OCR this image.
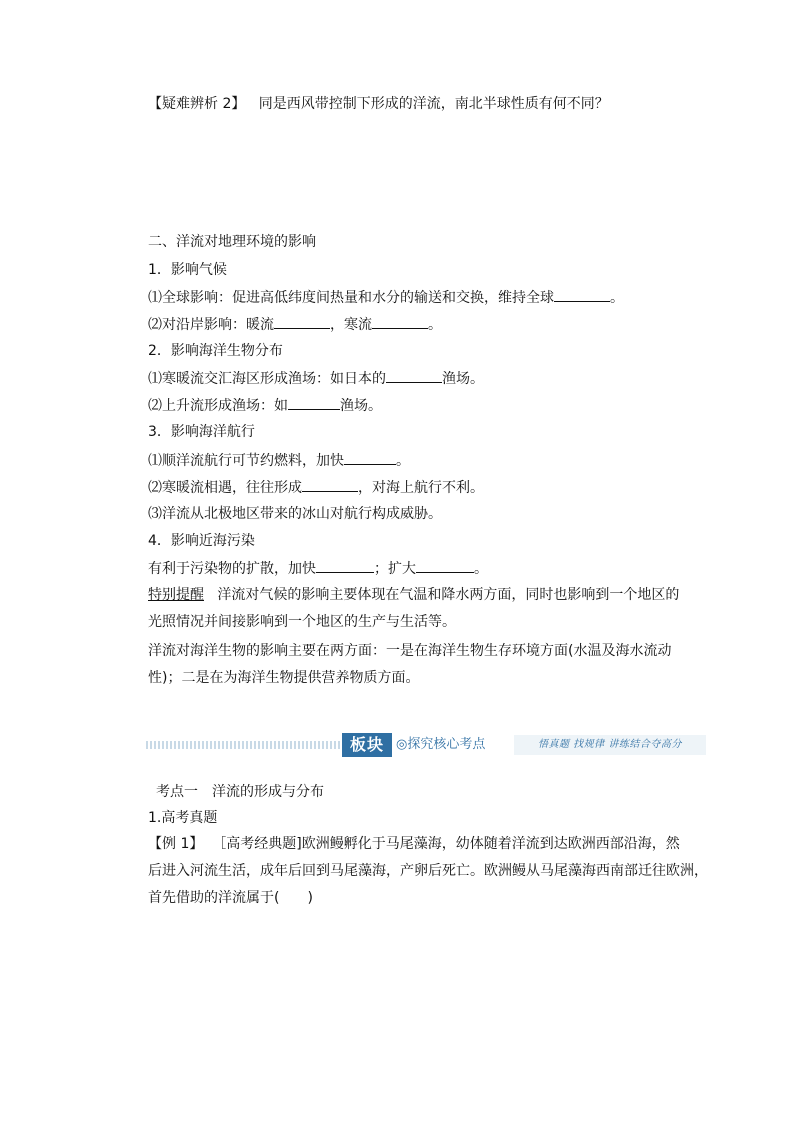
【疑难辨析 2】 同是西风带控制下形成的洋流，南北半球性质有何不同？
二、洋流对地理环境的影响
1．影响气候
⑴全球影响：促进高低纬度间热量和水分的输送和交换，维持全球	。
⑵对沿岸影响：暖流	，寒流	。
2．影响海洋生物分布
⑴寒暖流交汇海区形成渔场：如日本的	渔场。
⑵上升流形成渔场：如	渔场。
3．影响海洋航行
⑴顺洋流航行可节约燃料，加快	。
⑵寒暖流相遇，往往形成	，对海上航行不利。
⑶洋流从北极地区带来的冰山对航行构成威胁。
4．影响近海污染
有利于污染物的扩散，加快	；扩大	。
特别提醒 洋流对气候的影响主要体现在气温和降水两方面，同时也影响到一个地区的
光照情况并间接影响到一个地区的生产与生活等。
洋流对海洋生物的影响主要在两方面：一是在海洋生物生存环境方面(水温及海水流动
性)；二是在为海洋生物提供营养物质方面。
板块二
◎探究核心考点	悟真题 找规律 讲练结合夺高分
考点一　洋流的形成与分布
1.高考真题
【例 1】 ［高考经典题]欧洲鳗孵化于马尾藻海，幼体随着洋流到达欧洲西部沿海，然
后进入河流生活，成年后回到马尾藻海，产卵后死亡。欧洲鳗从马尾藻海西南部迁往欧洲，
首先借助的洋流属于(　　)
